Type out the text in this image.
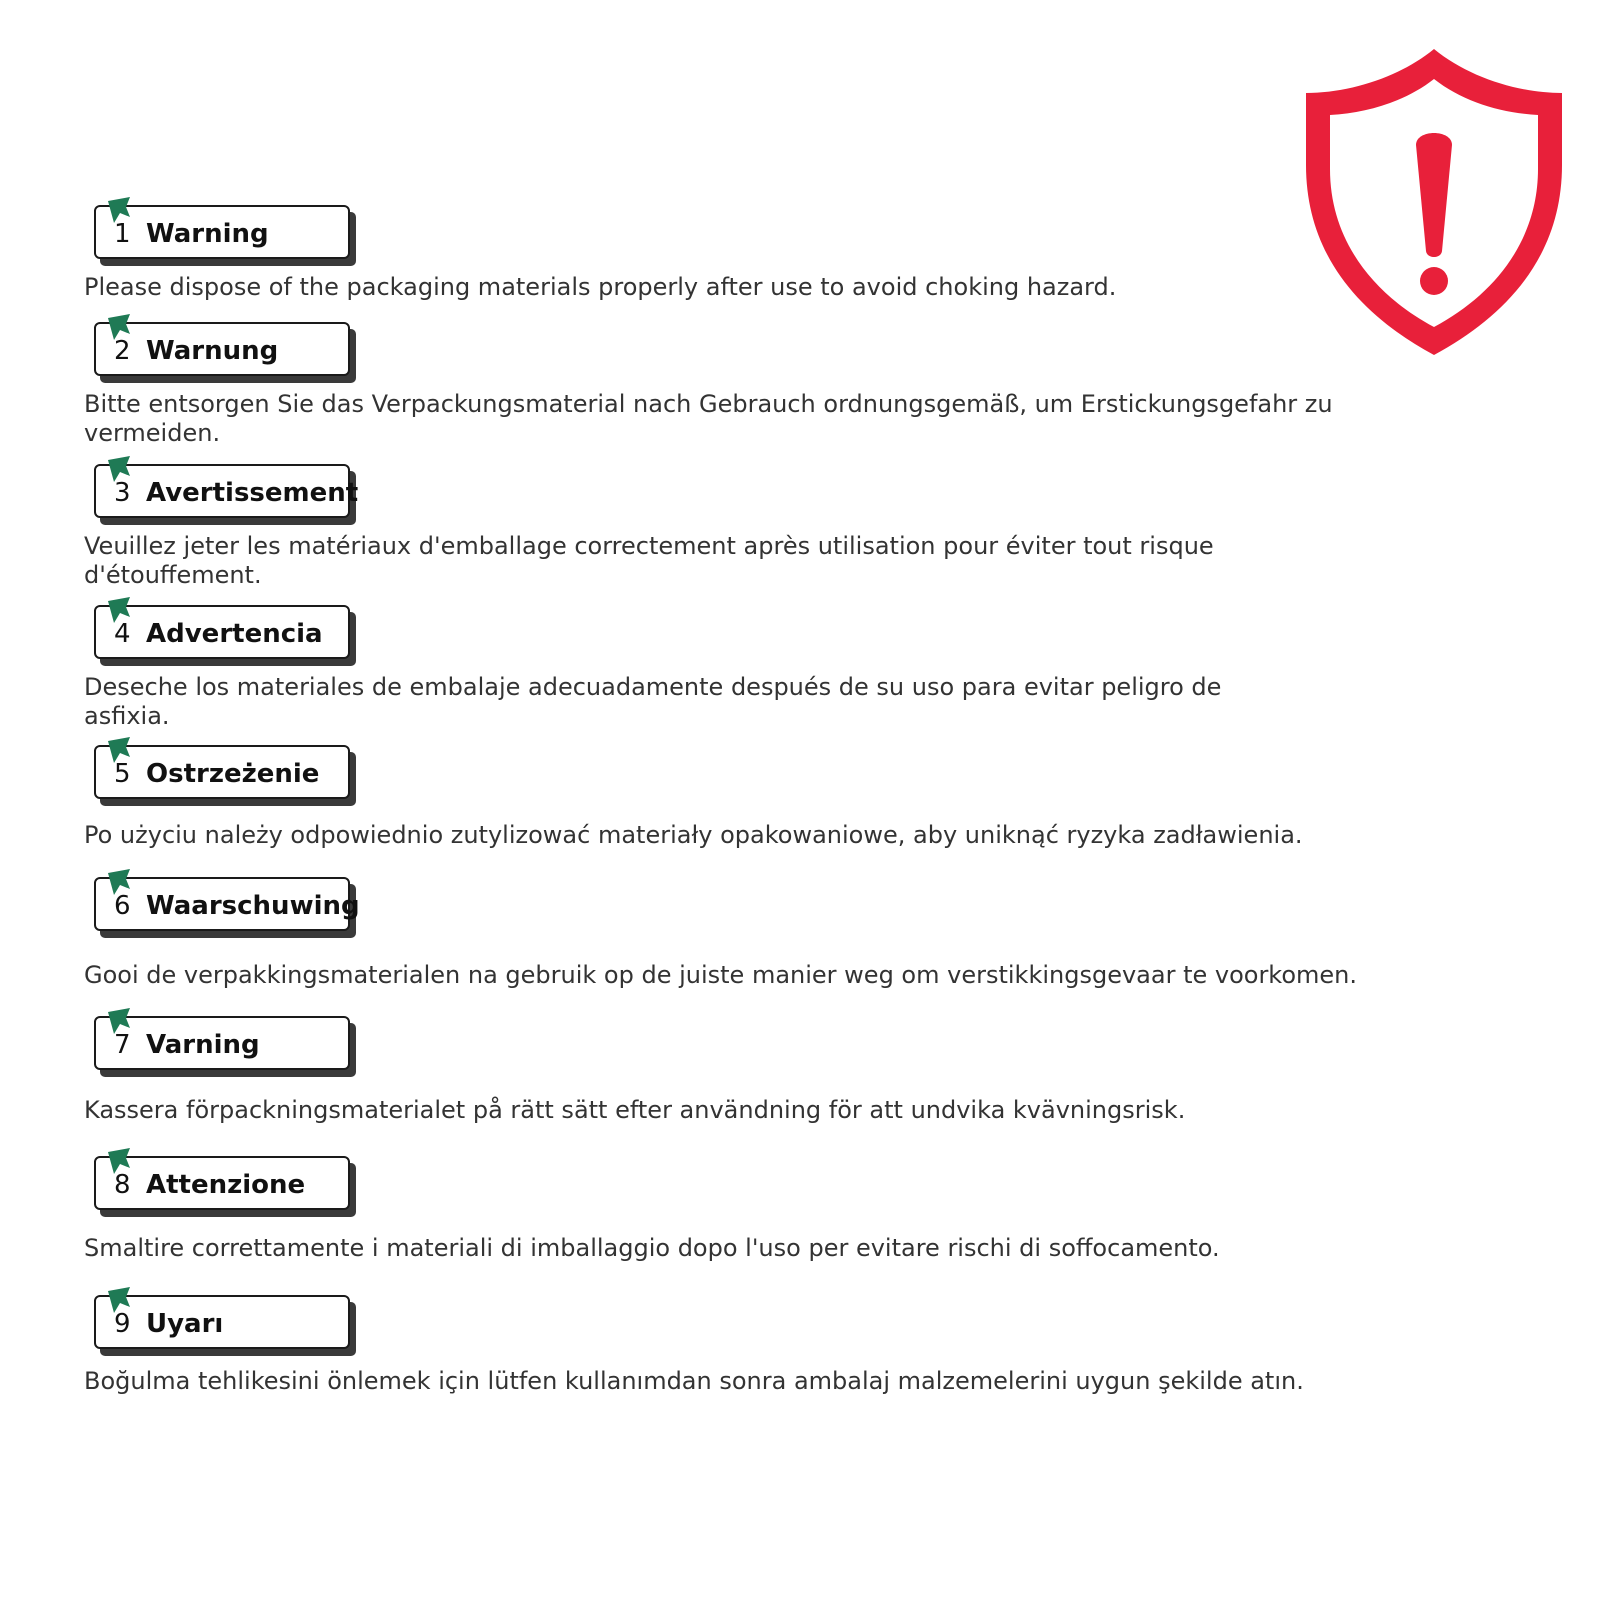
1 Warning
Please dispose of the packaging materials properly after use to avoid choking hazard.
2 Warnung
Bitte entsorgen Sie das Verpackungsmaterial nach Gebrauch ordnungsgemäß, um Erstickungsgefahr zu vermeiden.
3 Avertissement
Veuillez jeter les matériaux d'emballage correctement après utilisation pour éviter tout risque d'étouffement.
4 Advertencia
Deseche los materiales de embalaje adecuadamente después de su uso para evitar peligro de asfixia.
5 Ostrzeżenie
Po użyciu należy odpowiednio zutylizować materiały opakowaniowe, aby uniknąć ryzyka zadławienia.
6 Waarschuwing
Gooi de verpakkingsmaterialen na gebruik op de juiste manier weg om verstikkingsgevaar te voorkomen.
7 Varning
Kassera förpackningsmaterialet på rätt sätt efter användning för att undvika kvävningsrisk.
8 Attenzione
Smaltire correttamente i materiali di imballaggio dopo l'uso per evitare rischi di soffocamento.
9 Uyarı
Boğulma tehlikesini önlemek için lütfen kullanımdan sonra ambalaj malzemelerini uygun şekilde atın.
